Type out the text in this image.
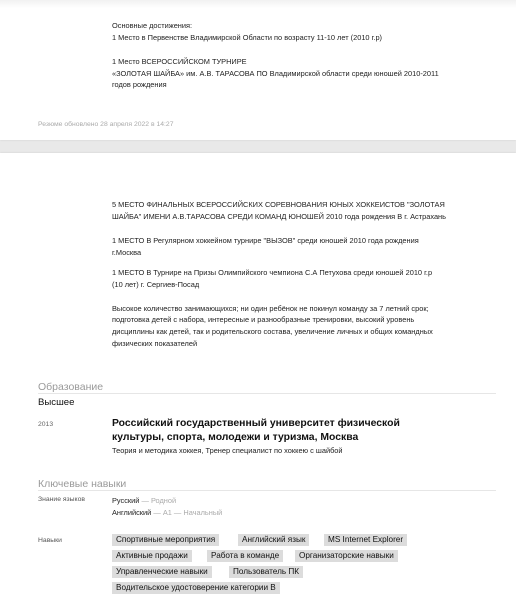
Основные достижения:
1 Место в Первенстве Владимирской Области по возрасту 11-10 лет (2010 г.р)
1 Место ВСЕРОССИЙСКОМ ТУРНИРЕ
«ЗОЛОТАЯ ШАЙБА» им. А.В. ТАРАСОВА ПО Владимирской области среди юношей 2010-2011
годов рождения
Резюме обновлено 28 апреля 2022 в 14:27
5 МЕСТО ФИНАЛЬНЫХ ВСЕРОССИЙСКИХ СОРЕВНОВАНИЯ ЮНЫХ ХОККЕИСТОВ "ЗОЛОТАЯ
ШАЙБА" ИМЕНИ А.В.ТАРАСОВА СРЕДИ КОМАНД ЮНОШЕЙ 2010 года рождения В г. Астрахань
1 МЕСТО В Регулярном хоккейном турнире "ВЫЗОВ" среди юношей 2010 года рождения
г.Москва
1 МЕСТО В Турнире на Призы Олимпийского чемпиона С.А Петухова среди юношей 2010 г.р
(10 лет) г. Сергиев-Посад
Высокое количество занимающихся; ни один ребёнок не покинул команду за 7 летний срок;
подготовка детей с набора, интересные и разнообразные тренировки, высокий уровень
дисциплины как детей, так и родительского состава, увеличение личных и общих командных
физических показателей
Образование
Высшее
2013	Российский государственный университет физической
культуры, спорта, молодежи и туризма, Москва
Теория и методика хоккея, Тренер специалист по хоккею с шайбой
Ключевые навыки
Знание языков	Русский — Родной
Английский — A1 — Начальный
Навыки	Спортивные мероприятия	Английский язык	MS Internet Explorer
Активные продажи	Работа в команде	Организаторские навыки
Управленческие навыки	Пользователь ПК
Водительское удостоверение категории B
